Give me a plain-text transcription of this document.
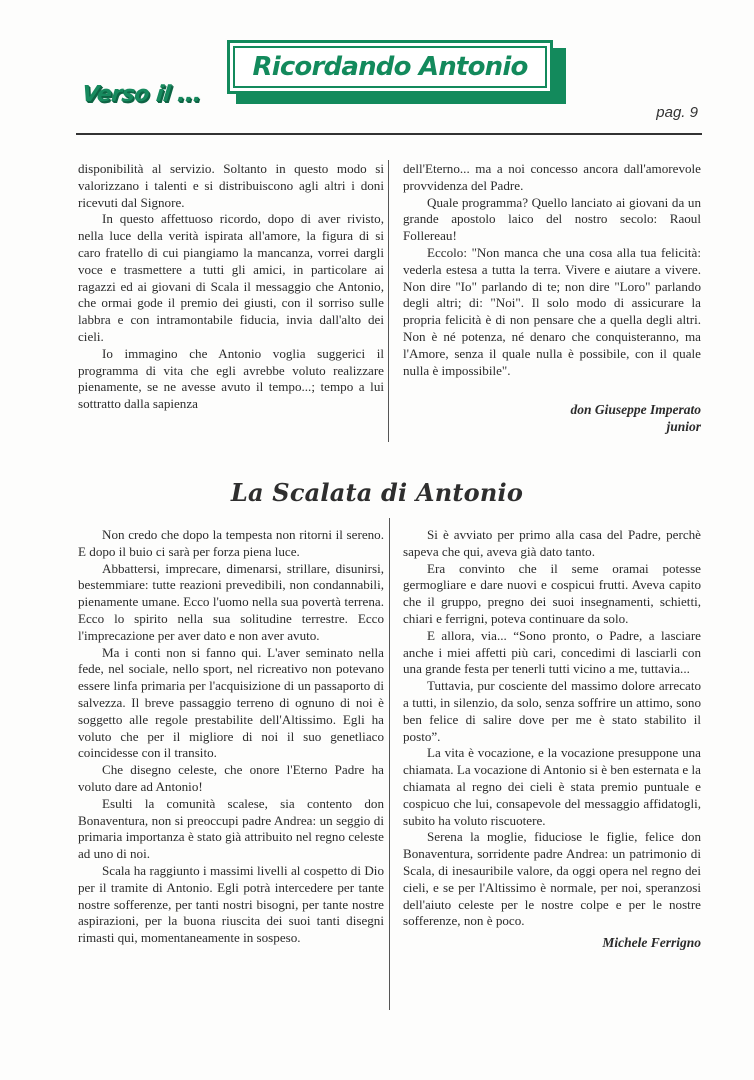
Verso il ...
Ricordando Antonio
pag. 9

disponibilità al servizio. Soltanto in questo modo si valorizzano i talenti e si distribuiscono agli altri i doni ricevuti dal Signore.

In questo affettuoso ricordo, dopo di aver rivisto, nella luce della verità ispirata all'amore, la figura di si caro fratello di cui piangiamo la mancanza, vorrei dargli voce e trasmettere a tutti gli amici, in particolare ai ragazzi ed ai giovani di Scala il messaggio che Antonio, che ormai gode il premio dei giusti, con il sorriso sulle labbra e con intramontabile fiducia, invia dall'alto dei cieli.

Io immagino che Antonio voglia suggerici il programma di vita che egli avrebbe voluto realizzare pienamente, se ne avesse avuto il tempo...; tempo a lui sottratto dalla sapienza

dell'Eterno... ma a noi concesso ancora dall'amorevole provvidenza del Padre.

Quale programma? Quello lanciato ai giovani da un grande apostolo laico del nostro secolo: Raoul Follereau!

Eccolo: "Non manca che una cosa alla tua felicità: vederla estesa a tutta la terra. Vivere e aiutare a vivere. Non dire "Io" parlando di te; non dire "Loro" parlando degli altri; di: "Noi". Il solo modo di assicurare la propria felicità è di non pensare che a quella degli altri. Non è né potenza, né denaro che conquisteranno, ma l'Amore, senza il quale nulla è possibile, con il quale nulla è impossibile".

don Giuseppe Imperato
junior
La Scalata di Antonio

Non credo che dopo la tempesta non ritorni il sereno. E dopo il buio ci sarà per forza piena luce.

Abbattersi, imprecare, dimenarsi, strillare, disunirsi, bestemmiare: tutte reazioni prevedibili, non condannabili, pienamente umane. Ecco l'uomo nella sua povertà terrena. Ecco lo spirito nella sua solitudine terrestre. Ecco l'imprecazione per aver dato e non aver avuto.

Ma i conti non si fanno qui. L'aver seminato nella fede, nel sociale, nello sport, nel ricreativo non potevano essere linfa primaria per l'acquisizione di un passaporto di salvezza. Il breve passaggio terreno di ognuno di noi è soggetto alle regole prestabilite dell'Altissimo. Egli ha voluto che per il migliore di noi il suo genetliaco coincidesse con il transito.

Che disegno celeste, che onore l'Eterno Padre ha voluto dare ad Antonio!

Esulti la comunità scalese, sia contento don Bonaventura, non si preoccupi padre Andrea: un seggio di primaria importanza è stato già attribuito nel regno celeste ad uno di noi.

Scala ha raggiunto i massimi livelli al cospetto di Dio per il tramite di Antonio. Egli potrà intercedere per tante nostre sofferenze, per tanti nostri bisogni, per tante nostre aspirazioni, per la buona riuscita dei suoi tanti disegni rimasti qui, momentaneamente in sospeso.

Si è avviato per primo alla casa del Padre, perchè sapeva che qui, aveva già dato tanto.

Era convinto che il seme oramai potesse germogliare e dare nuovi e cospicui frutti. Aveva capito che il gruppo, pregno dei suoi insegnamenti, schietti, chiari e ferrigni, poteva continuare da solo.

E allora, via... “Sono pronto, o Padre, a lasciare anche i miei affetti più cari, concedimi di lasciarli con una grande festa per tenerli tutti vicino a me, tuttavia...

Tuttavia, pur cosciente del massimo dolore arrecato a tutti, in silenzio, da solo, senza soffrire un attimo, sono ben felice di salire dove per me è stato stabilito il posto”.

La vita è vocazione, e la vocazione presuppone una chiamata. La vocazione di Antonio si è ben esternata e la chiamata al regno dei cieli è stata premio puntuale e cospicuo che lui, consapevole del messaggio affidatogli, subito ha voluto riscuotere.

Serena la moglie, fiduciose le figlie, felice don Bonaventura, sorridente padre Andrea: un patrimonio di Scala, di inesauribile valore, da oggi opera nel regno dei cieli, e se per l'Altissimo è normale, per noi, speranzosi dell'aiuto celeste per le nostre colpe e per le nostre sofferenze, non è poco.

Michele Ferrigno
